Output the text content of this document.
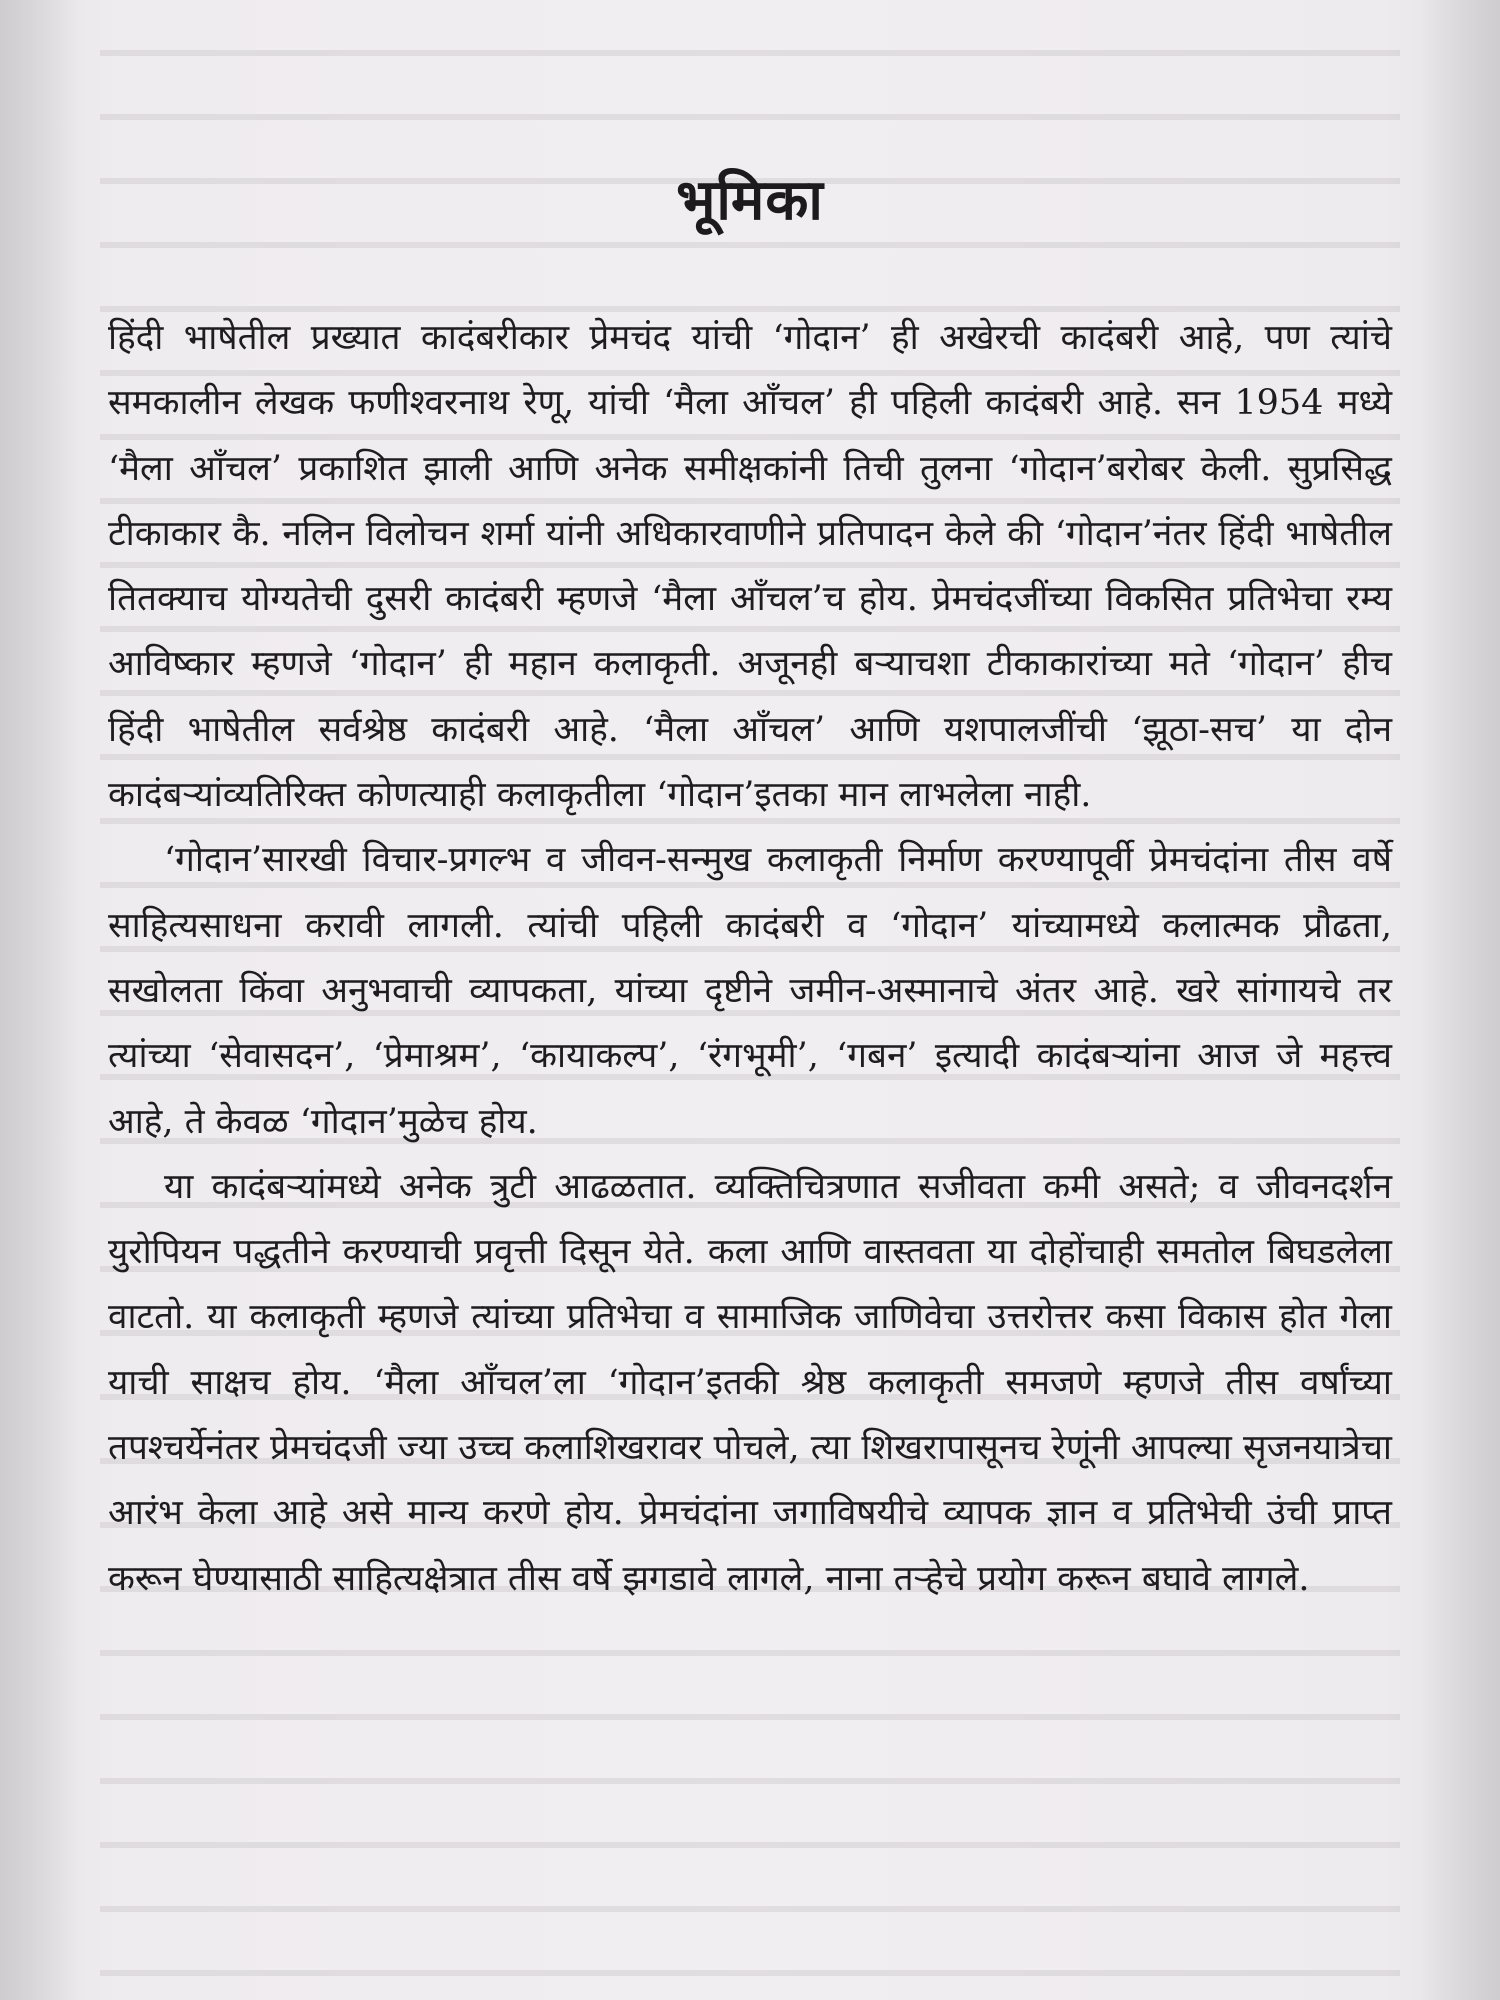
भूमिका

हिंदी भाषेतील प्रख्यात कादंबरीकार प्रेमचंद यांची ‘गोदान’ ही अखेरची कादंबरी आहे, पण त्यांचे समकालीन लेखक फणीश्वरनाथ रेणू, यांची ‘मैला आँचल’ ही पहिली कादंबरी आहे. सन 1954 मध्ये ‘मैला आँचल’ प्रकाशित झाली आणि अनेक समीक्षकांनी तिची तुलना ‘गोदान’बरोबर केली. सुप्रसिद्ध टीकाकार कै. नलिन विलोचन शर्मा यांनी अधिकारवाणीने प्रतिपादन केले की ‘गोदान’नंतर हिंदी भाषेतील तितक्याच योग्यतेची दुसरी कादंबरी म्हणजे ‘मैला आँचल’च होय. प्रेमचंदजींच्या विकसित प्रतिभेचा रम्य आविष्कार म्हणजे ‘गोदान’ ही महान कलाकृती. अजूनही बऱ्याचशा टीकाकारांच्या मते ‘गोदान’ हीच हिंदी भाषेतील सर्वश्रेष्ठ कादंबरी आहे. ‘मैला आँचल’ आणि यशपालजींची ‘झूठा-सच’ या दोन कादंबऱ्यांव्यतिरिक्त कोणत्याही कलाकृतीला ‘गोदान’इतका मान लाभलेला नाही.

‘गोदान’सारखी विचार-प्रगल्भ व जीवन-सन्मुख कलाकृती निर्माण करण्यापूर्वी प्रेमचंदांना तीस वर्षे साहित्यसाधना करावी लागली. त्यांची पहिली कादंबरी व ‘गोदान’ यांच्यामध्ये कलात्मक प्रौढता, सखोलता किंवा अनुभवाची व्यापकता, यांच्या दृष्टीने जमीन-अस्मानाचे अंतर आहे. खरे सांगायचे तर त्यांच्या ‘सेवासदन’, ‘प्रेमाश्रम’, ‘कायाकल्प’, ‘रंगभूमी’, ‘गबन’ इत्यादी कादंबऱ्यांना आज जे महत्त्व आहे, ते केवळ ‘गोदान’मुळेच होय.

या कादंबऱ्यांमध्ये अनेक त्रुटी आढळतात. व्यक्तिचित्रणात सजीवता कमी असते; व जीवनदर्शन युरोपियन पद्धतीने करण्याची प्रवृत्ती दिसून येते. कला आणि वास्तवता या दोहोंचाही समतोल बिघडलेला वाटतो. या कलाकृती म्हणजे त्यांच्या प्रतिभेचा व सामाजिक जाणिवेचा उत्तरोत्तर कसा विकास होत गेला याची साक्षच होय. ‘मैला आँचल’ला ‘गोदान’इतकी श्रेष्ठ कलाकृती समजणे म्हणजे तीस वर्षांच्या तपश्चर्येनंतर प्रेमचंदजी ज्या उच्च कलाशिखरावर पोचले, त्या शिखरापासूनच रेणूंनी आपल्या सृजनयात्रेचा आरंभ केला आहे असे मान्य करणे होय. प्रेमचंदांना जगाविषयीचे व्यापक ज्ञान व प्रतिभेची उंची प्राप्त करून घेण्यासाठी साहित्यक्षेत्रात तीस वर्षे झगडावे लागले, नाना तऱ्हेचे प्रयोग करून बघावे लागले.
